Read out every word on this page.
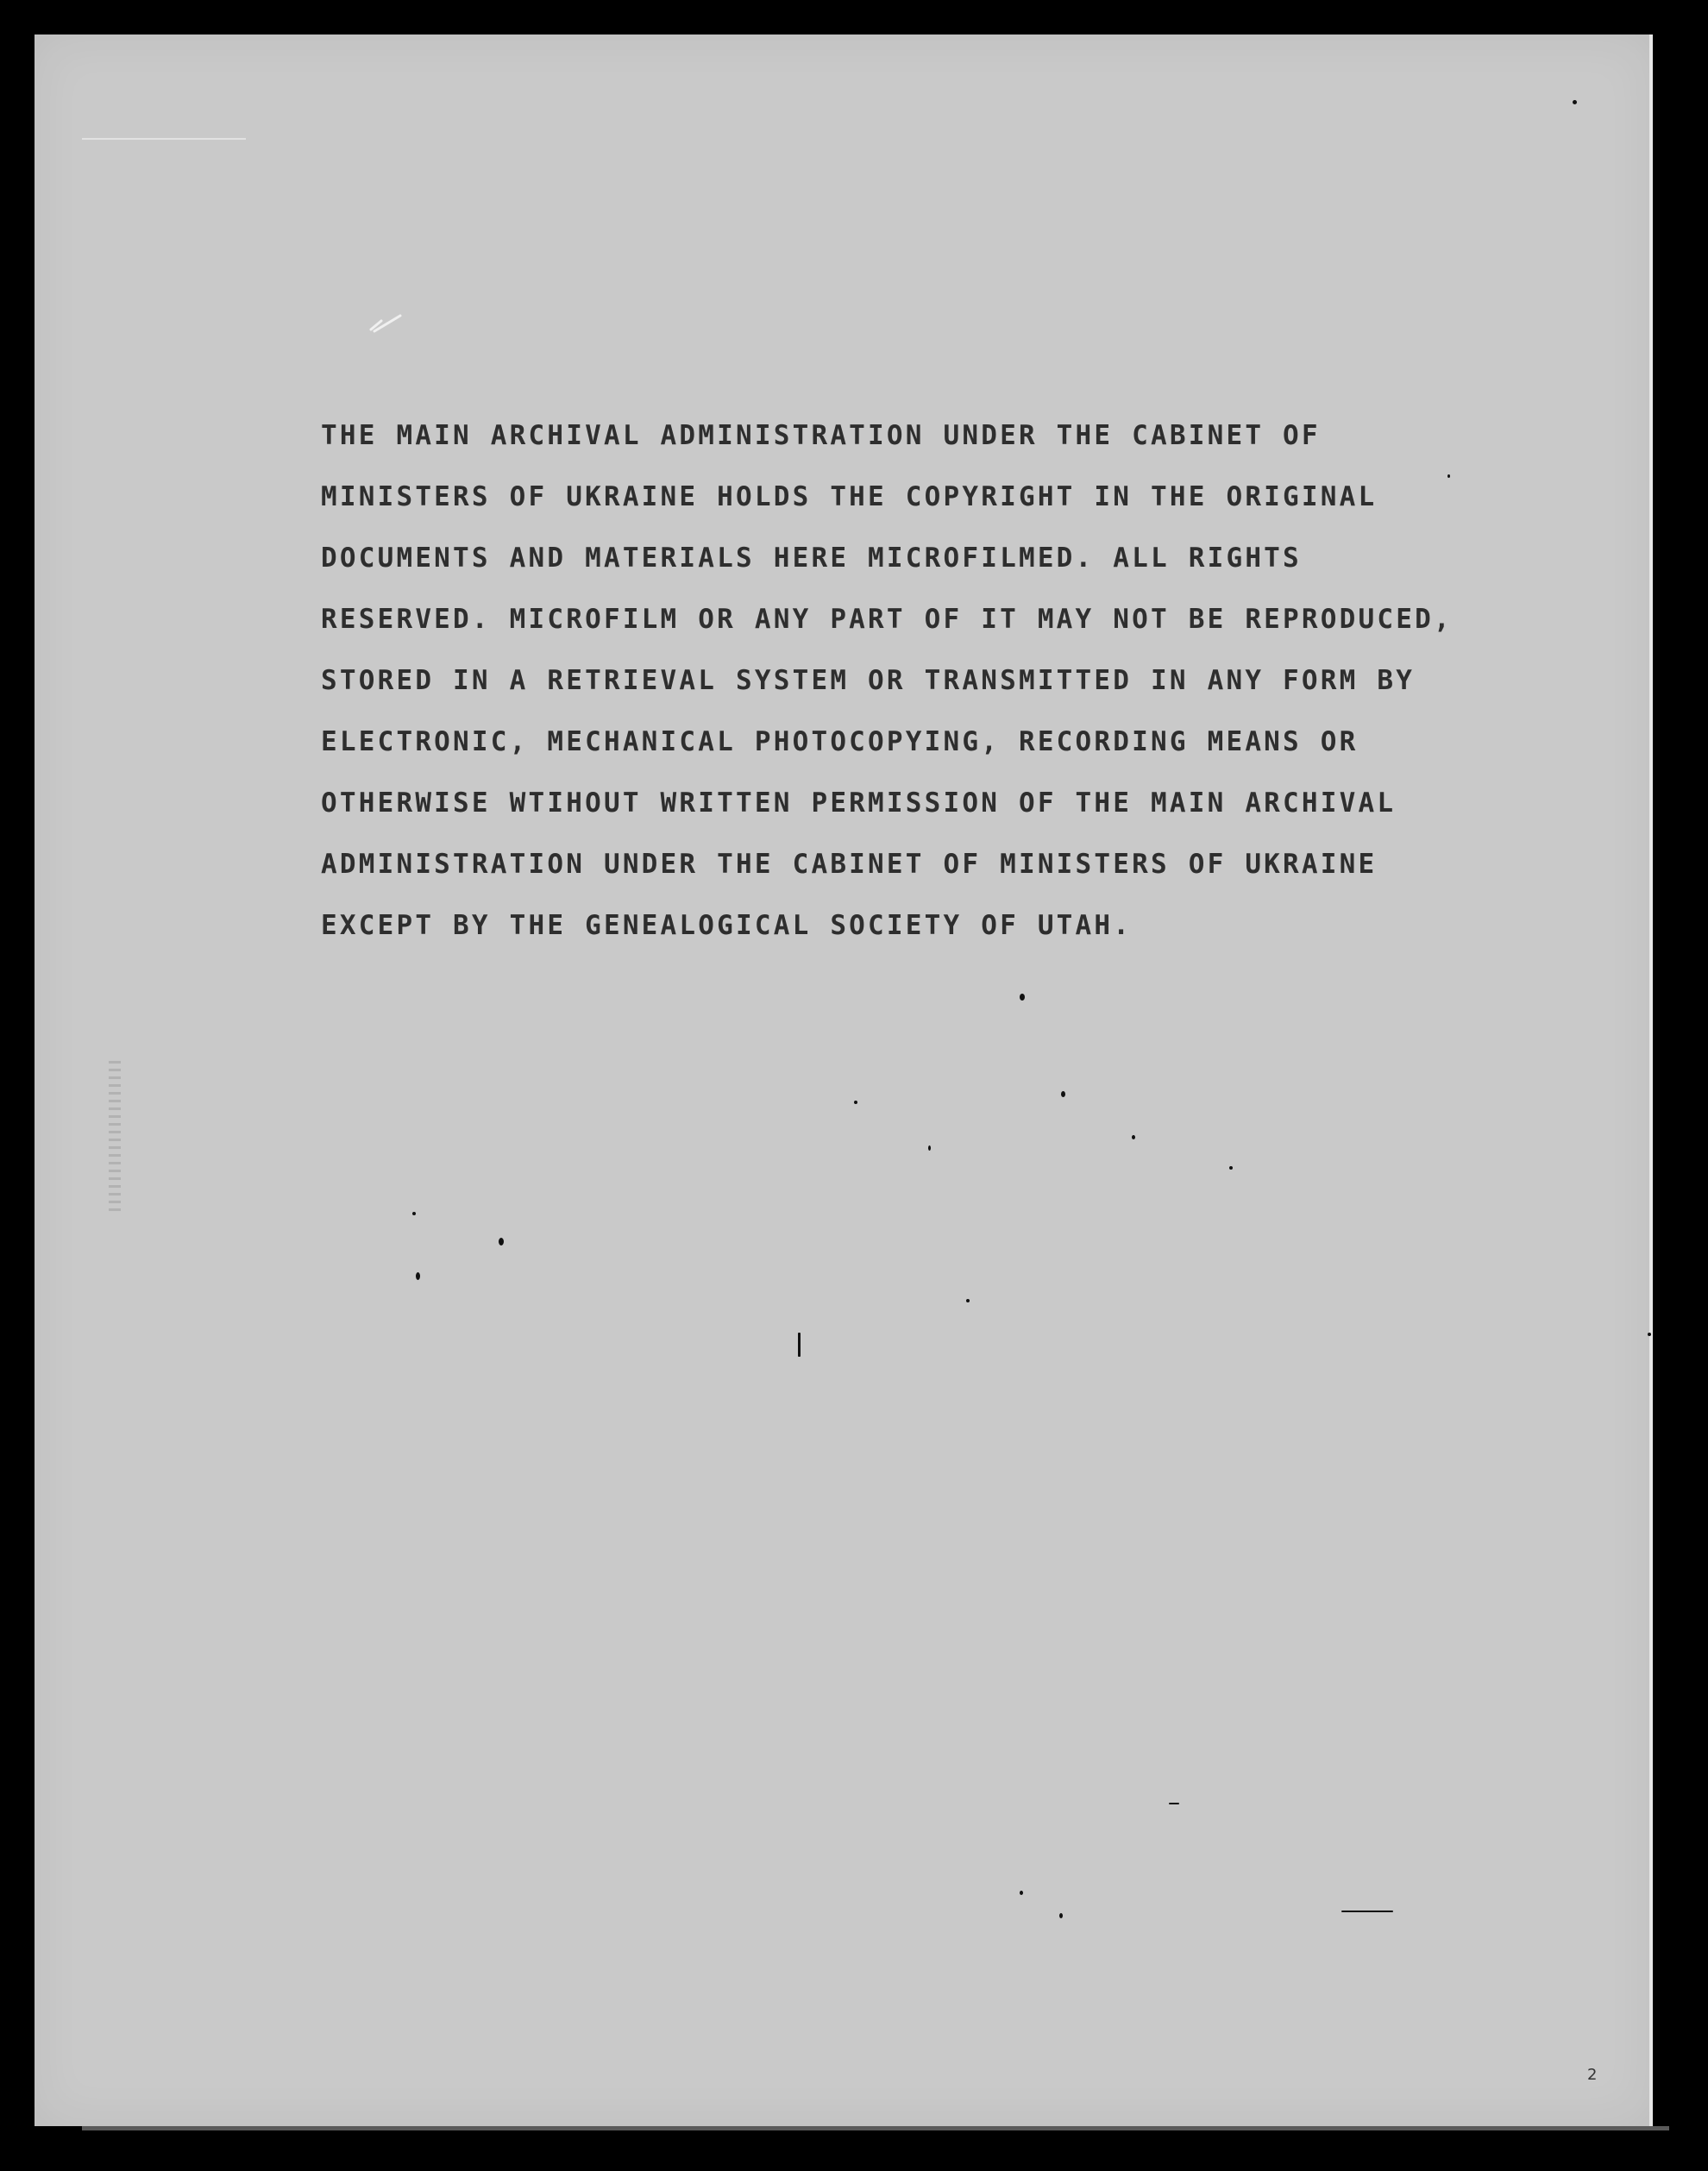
THE MAIN ARCHIVAL ADMINISTRATION UNDER THE CABINET OF
MINISTERS OF UKRAINE HOLDS THE COPYRIGHT IN THE ORIGINAL
DOCUMENTS AND MATERIALS HERE MICROFILMED. ALL RIGHTS
RESERVED. MICROFILM OR ANY PART OF IT MAY NOT BE REPRODUCED,
STORED IN A RETRIEVAL SYSTEM OR TRANSMITTED IN ANY FORM BY
ELECTRONIC, MECHANICAL PHOTOCOPYING, RECORDING MEANS OR
OTHERWISE WTIHOUT WRITTEN PERMISSION OF THE MAIN ARCHIVAL
ADMINISTRATION UNDER THE CABINET OF MINISTERS OF UKRAINE
EXCEPT BY THE GENEALOGICAL SOCIETY OF UTAH.
2
